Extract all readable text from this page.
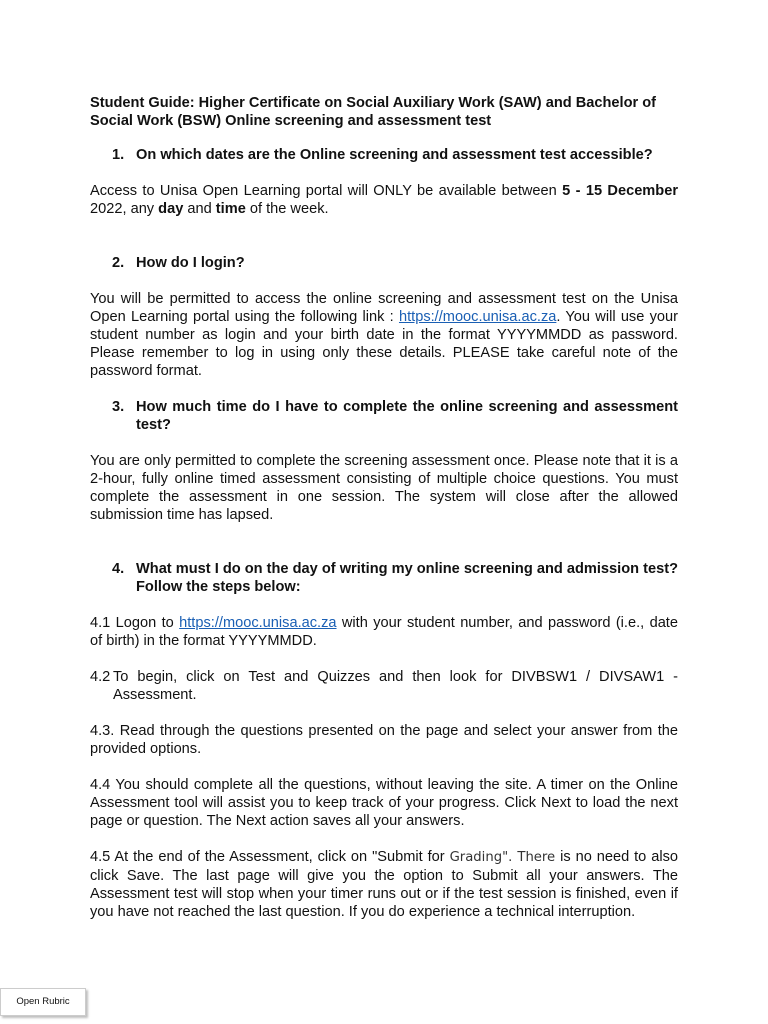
Student Guide: Higher Certificate on Social Auxiliary Work (SAW) and Bachelor of Social Work (BSW) Online screening and assessment test

1. On which dates are the Online screening and assessment test accessible?

Access to Unisa Open Learning portal will ONLY be available between 5 - 15 December 2022, any day and time of the week.

2. How do I login?

You will be permitted to access the online screening and assessment test on the Unisa Open Learning portal using the following link : https://mooc.unisa.ac.za. You will use your student number as login and your birth date in the format YYYYMMDD as password. Please remember to log in using only these details. PLEASE take careful note of the password format.

3. How much time do I have to complete the online screening and assessment test?

You are only permitted to complete the screening assessment once. Please note that it is a 2-hour, fully online timed assessment consisting of multiple choice questions. You must complete the assessment in one session. The system will close after the allowed submission time has lapsed.

4. What must I do on the day of writing my online screening and admission test? Follow the steps below:

4.1 Logon to https://mooc.unisa.ac.za with your student number, and password (i.e., date of birth) in the format YYYYMMDD.

4.2 To begin, click on Test and Quizzes and then look for DIVBSW1 / DIVSAW1 - Assessment.

4.3. Read through the questions presented on the page and select your answer from the provided options.

4.4 You should complete all the questions, without leaving the site. A timer on the Online Assessment tool will assist you to keep track of your progress. Click Next to load the next page or question. The Next action saves all your answers.

4.5 At the end of the Assessment, click on "Submit for Grading". There is no need to also click Save. The last page will give you the option to Submit all your answers. The Assessment test will stop when your timer runs out or if the test session is finished, even if you have not reached the last question. If you do experience a technical interruption.

Open Rubric
